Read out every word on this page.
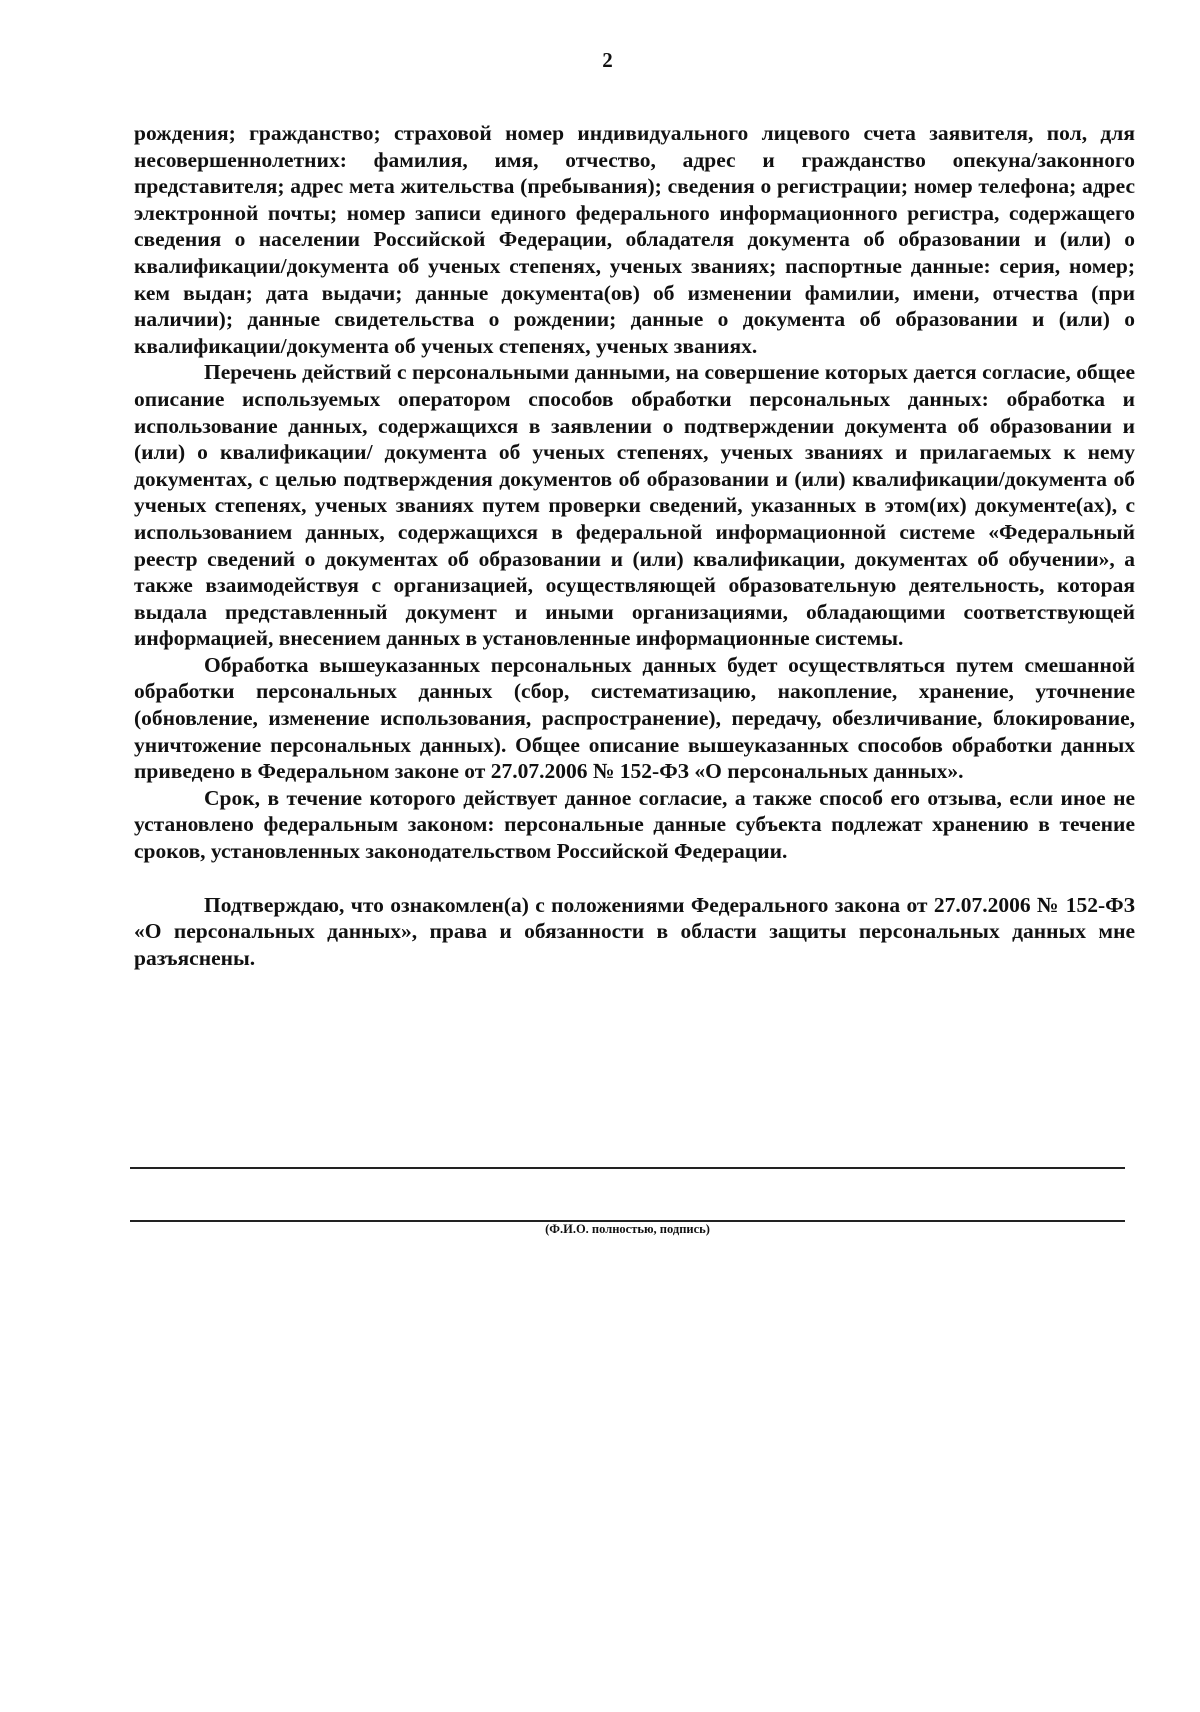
2

рождения; гражданство; страховой номер индивидуального лицевого счета заявителя, пол, для несовершеннолетних: фамилия, имя, отчество, адрес и гражданство опекуна/законного представителя; адрес мета жительства (пребывания); сведения о регистрации; номер телефона; адрес электронной почты; номер записи единого федерального информационного регистра, содержащего сведения о населении Российской Федерации, обладателя документа об образовании и (или) о квалификации/документа об ученых степенях, ученых званиях; паспортные данные: серия, номер; кем выдан; дата выдачи; данные документа(ов) об изменении фамилии, имени, отчества (при наличии); данные свидетельства о рождении; данные о документа об образовании и (или) о квалификации/документа об ученых степенях, ученых званиях.

Перечень действий с персональными данными, на совершение которых дается согласие, общее описание используемых оператором способов обработки персональных данных: обработка и использование данных, содержащихся в заявлении о подтверждении документа об образовании и (или) о квалификации/ документа об ученых степенях, ученых званиях и прилагаемых к нему документах, с целью подтверждения документов об образовании и (или) квалификации/документа об ученых степенях, ученых званиях путем проверки сведений, указанных в этом(их) документе(ах), с использованием данных, содержащихся в федеральной информационной системе «Федеральный реестр сведений о документах об образовании и (или) квалификации, документах об обучении», а также взаимодействуя с организацией, осуществляющей образовательную деятельность, которая выдала представленный документ и иными организациями, обладающими соответствующей информацией, внесением данных в установленные информационные системы.

Обработка вышеуказанных персональных данных будет осуществляться путем смешанной обработки персональных данных (сбор, систематизацию, накопление, хранение, уточнение (обновление, изменение использования, распространение), передачу, обезличивание, блокирование, уничтожение персональных данных). Общее описание вышеуказанных способов обработки данных приведено в Федеральном законе от 27.07.2006 № 152-ФЗ «О персональных данных».

Срок, в течение которого действует данное согласие, а также способ его отзыва, если иное не установлено федеральным законом: персональные данные субъекта подлежат хранению в течение сроков, установленных законодательством Российской Федерации.

Подтверждаю, что ознакомлен(а) с положениями Федерального закона от 27.07.2006 № 152-ФЗ «О персональных данных», права и обязанности в области защиты персональных данных мне разъяснены.

(Ф.И.О. полностью, подпись)
